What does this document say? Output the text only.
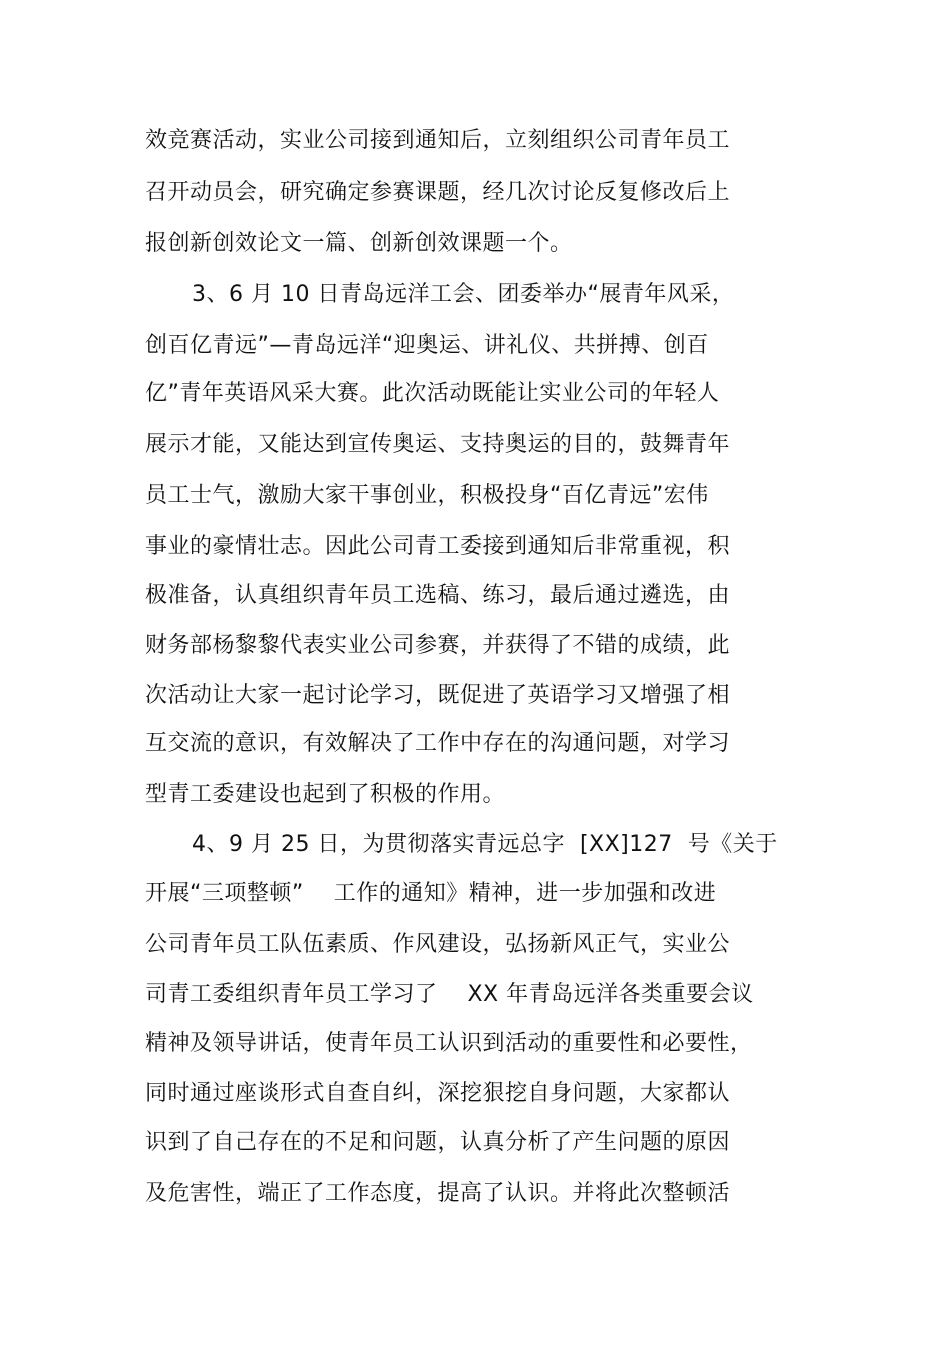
效竞赛活动，实业公司接到通知后，立刻组织公司青年员工
召开动员会，研究确定参赛课题，经几次讨论反复修改后上
报创新创效论文一篇、创新创效课题一个。
3、6 月 10 日青岛远洋工会、团委举办“展青年风采，
创百亿青远”—青岛远洋“迎奥运、讲礼仪、共拼搏、创百
亿”青年英语风采大赛。此次活动既能让实业公司的年轻人
展示才能，又能达到宣传奥运、支持奥运的目的，鼓舞青年
员工士气，激励大家干事创业，积极投身“百亿青远”宏伟
事业的豪情壮志。因此公司青工委接到通知后非常重视，积
极准备，认真组织青年员工选稿、练习，最后通过遴选，由
财务部杨黎黎代表实业公司参赛，并获得了不错的成绩，此
次活动让大家一起讨论学习，既促进了英语学习又增强了相
互交流的意识，有效解决了工作中存在的沟通问题，对学习
型青工委建设也起到了积极的作用。
4、9 月 25 日，为贯彻落实青远总字  [XX]127  号《关于
开展“三项整顿”    工作的通知》精神，进一步加强和改进
公司青年员工队伍素质、作风建设，弘扬新风正气，实业公
司青工委组织青年员工学习了    XX 年青岛远洋各类重要会议
精神及领导讲话，使青年员工认识到活动的重要性和必要性，
同时通过座谈形式自查自纠，深挖狠挖自身问题，大家都认
识到了自己存在的不足和问题，认真分析了产生问题的原因
及危害性，端正了工作态度，提高了认识。并将此次整顿活
